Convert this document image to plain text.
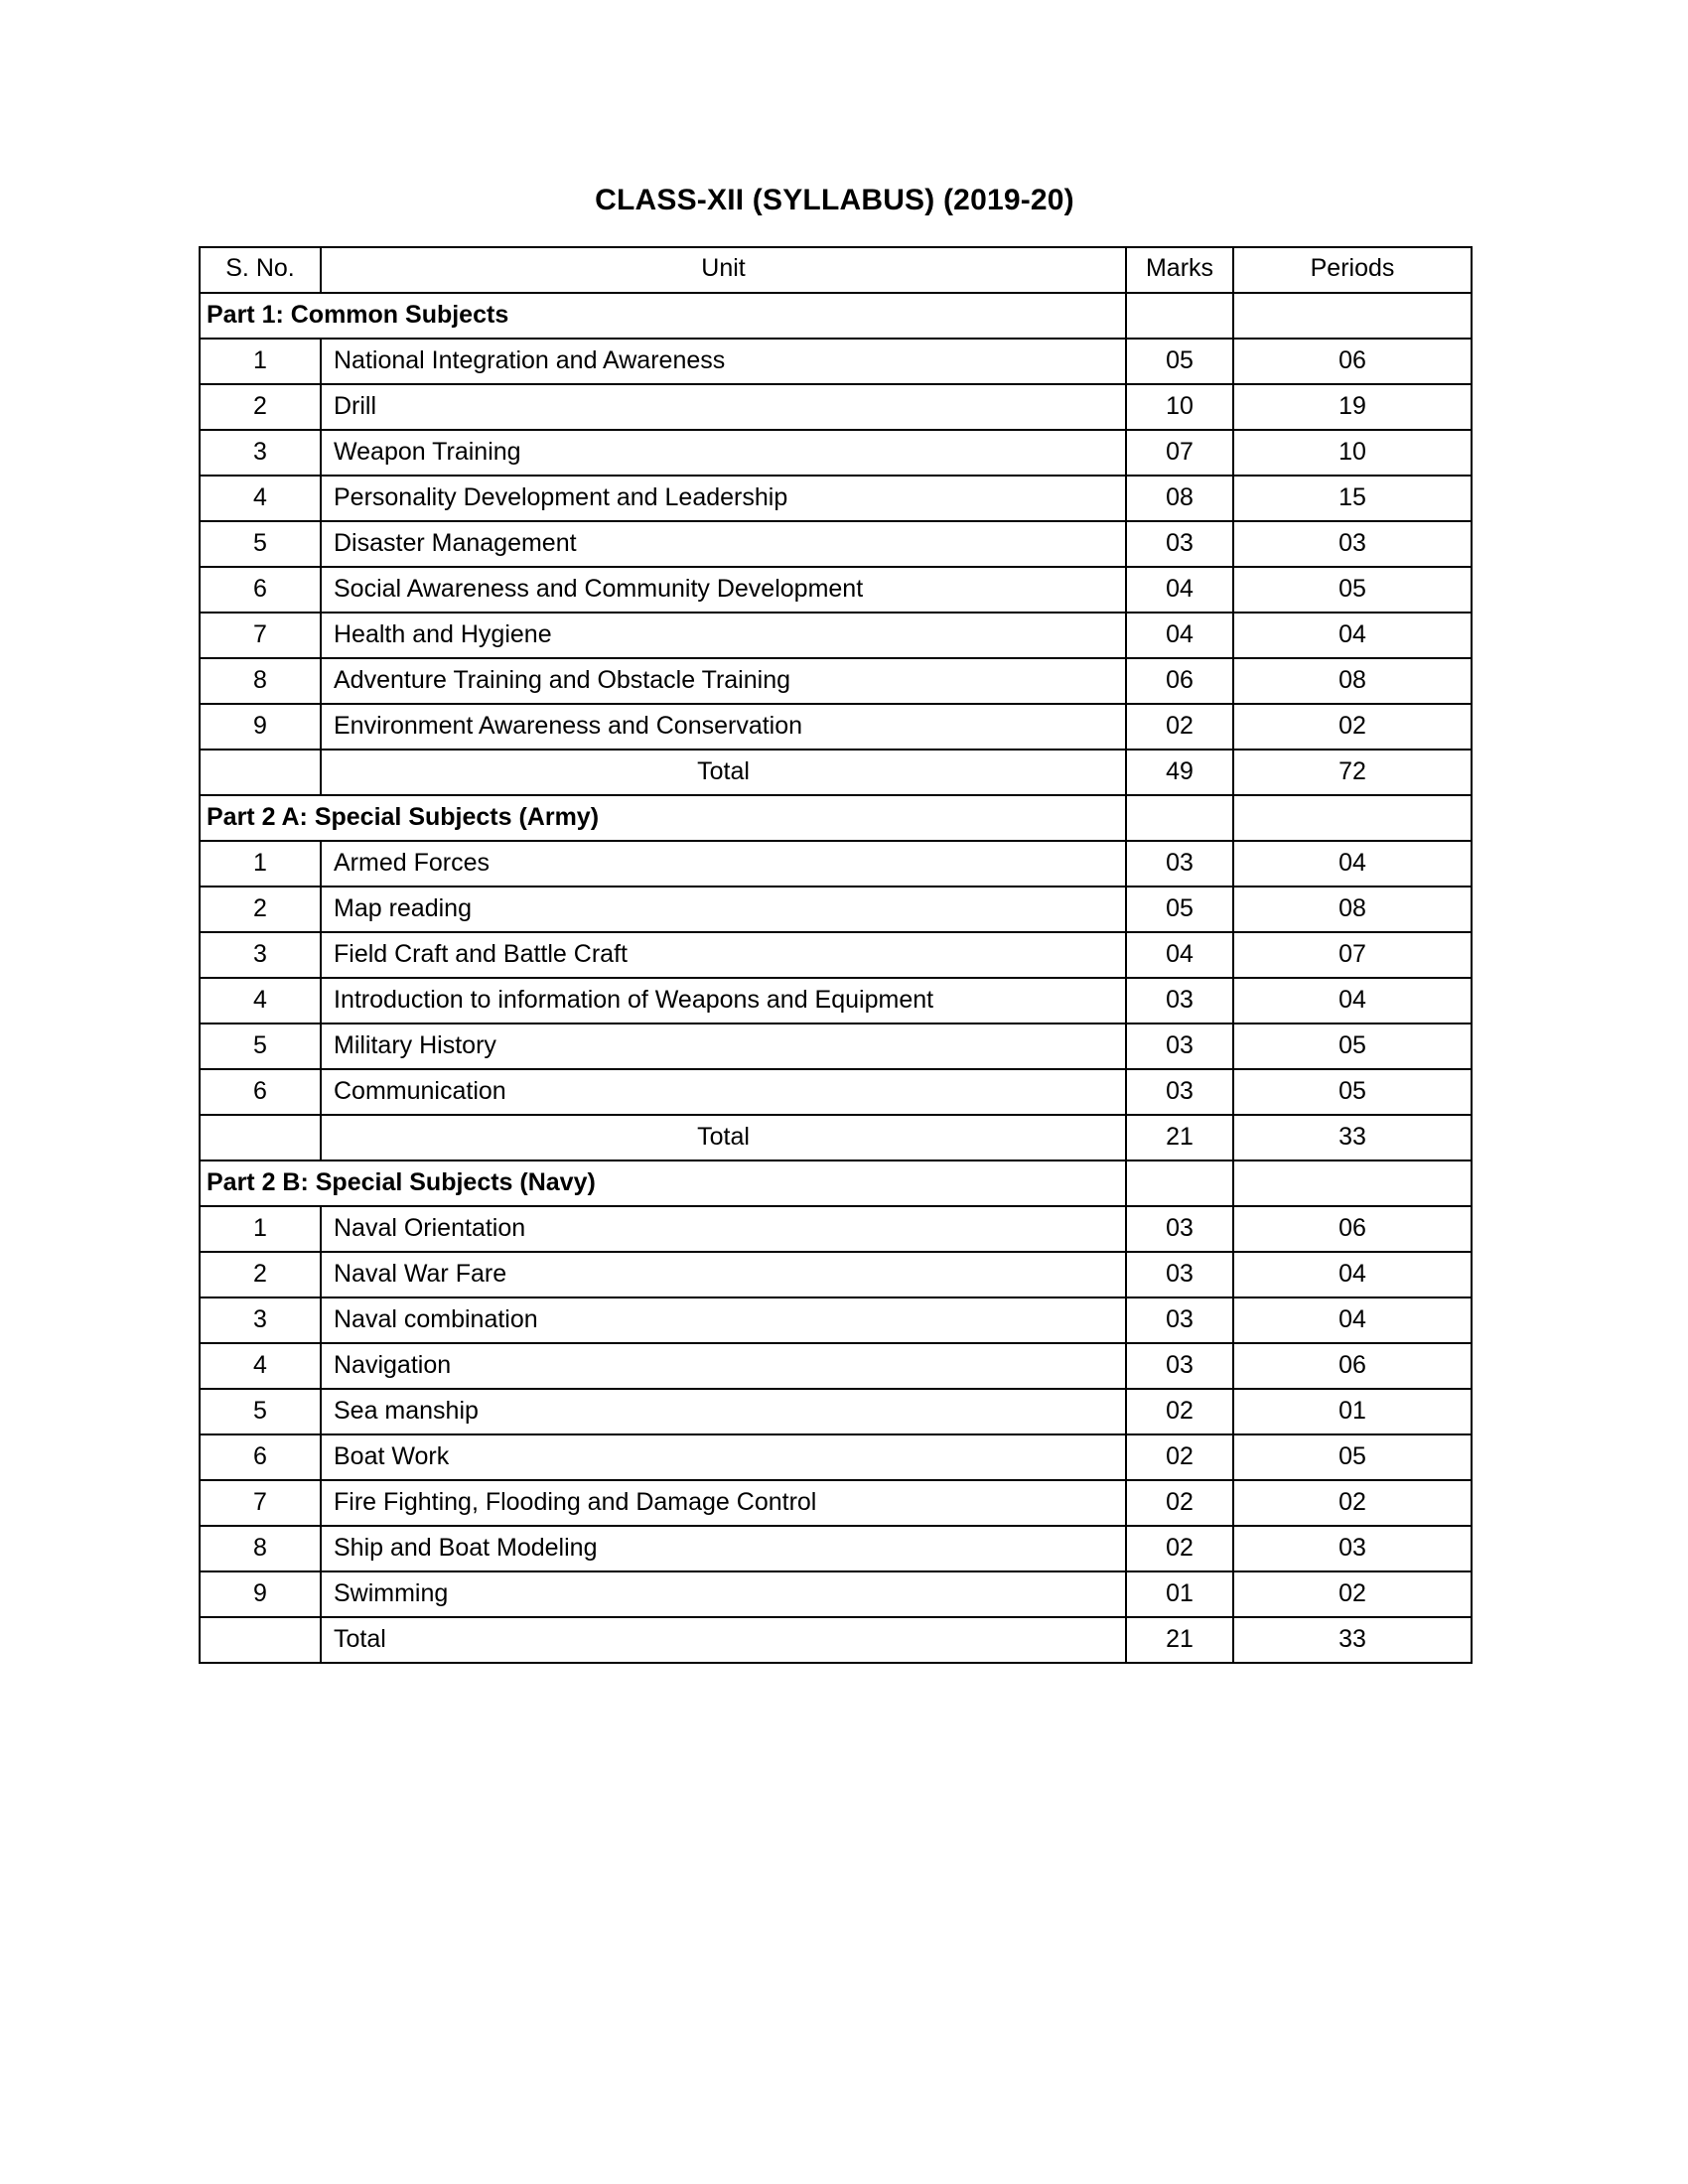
CLASS-XII (SYLLABUS) (2019-20)
S. No.	Unit	Marks	Periods
Part 1: Common Subjects			
1	National Integration and Awareness	05	06
2	Drill	10	19
3	Weapon Training	07	10
4	Personality Development and Leadership	08	15
5	Disaster Management	03	03
6	Social Awareness and Community Development	04	05
7	Health and Hygiene	04	04
8	Adventure Training and Obstacle Training	06	08
9	Environment Awareness and Conservation	02	02
	Total	49	72
Part 2 A: Special Subjects (Army)			
1	Armed Forces	03	04
2	Map reading	05	08
3	Field Craft and Battle Craft	04	07
4	Introduction to information of Weapons and Equipment	03	04
5	Military History	03	05
6	Communication	03	05
	Total	21	33
Part 2 B: Special Subjects (Navy)			
1	Naval Orientation	03	06
2	Naval War Fare	03	04
3	Naval combination	03	04
4	Navigation	03	06
5	Sea manship	02	01
6	Boat Work	02	05
7	Fire Fighting, Flooding and Damage Control	02	02
8	Ship and Boat Modeling	02	03
9	Swimming	01	02
	Total	21	33
